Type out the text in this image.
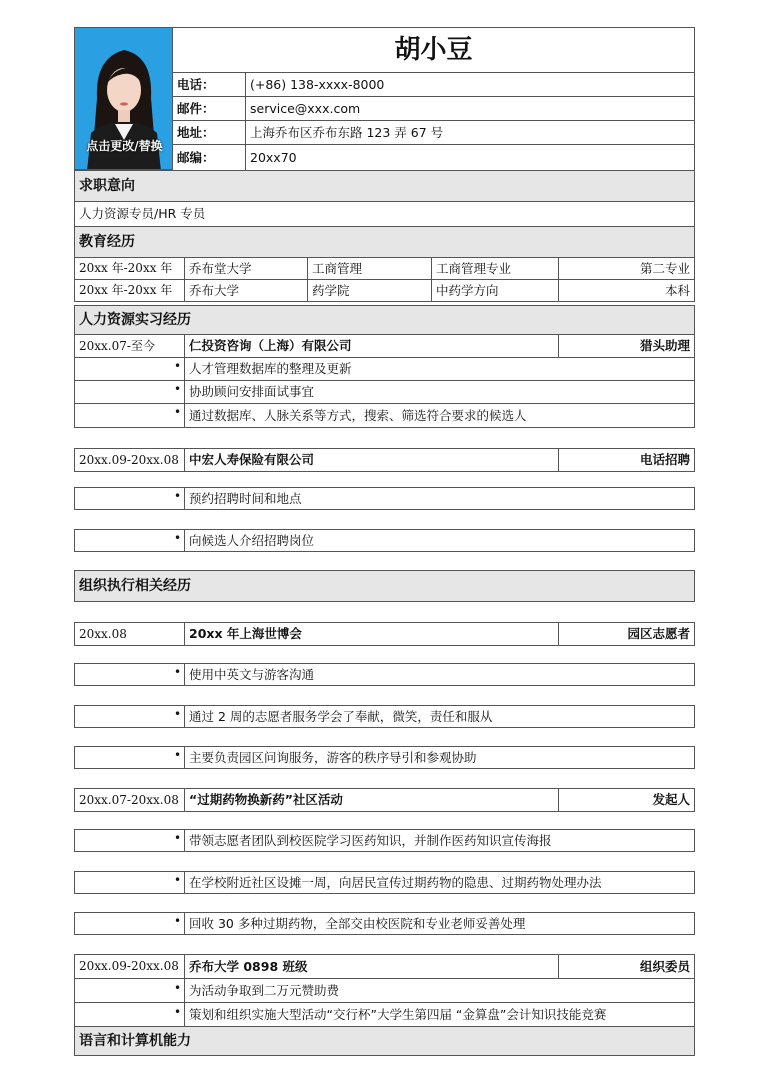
点击更改/替换
胡小豆
电话：	(+86) 138-xxxx-8000
邮件：	service@xxx.com
地址：	上海乔布区乔布东路 123 弄 67 号
邮编：	20xx70
求职意向
人力资源专员/HR 专员
教育经历
20xx 年-20xx 年	乔布堂大学	工商管理	工商管理专业	第二专业
20xx 年-20xx 年	乔布大学	药学院	中药学方向	本科
人力资源实习经历
20xx.07-至今	仁投资咨询（上海）有限公司	猎头助理
• 人才管理数据库的整理及更新
• 协助顾问安排面试事宜
• 通过数据库、人脉关系等方式，搜索、筛选符合要求的候选人
20xx.09-20xx.08 中宏人寿保险有限公司	电话招聘
• 预约招聘时间和地点
• 向候选人介绍招聘岗位
组织执行相关经历
20xx.08	20xx 年上海世博会	园区志愿者
• 使用中英文与游客沟通
• 通过 2 周的志愿者服务学会了奉献，微笑，责任和服从
• 主要负责园区问询服务，游客的秩序导引和参观协助
20xx.07-20xx.08 “过期药物换新药”社区活动	发起人
• 带领志愿者团队到校医院学习医药知识，并制作医药知识宣传海报
• 在学校附近社区设摊一周，向居民宣传过期药物的隐患、过期药物处理办法
• 回收 30 多种过期药物，全部交由校医院和专业老师妥善处理
20xx.09-20xx.08 乔布大学 0898 班级	组织委员
• 为活动争取到二万元赞助费
• 策划和组织实施大型活动“交行杯”大学生第四届 “金算盘”会计知识技能竞赛
语言和计算机能力
